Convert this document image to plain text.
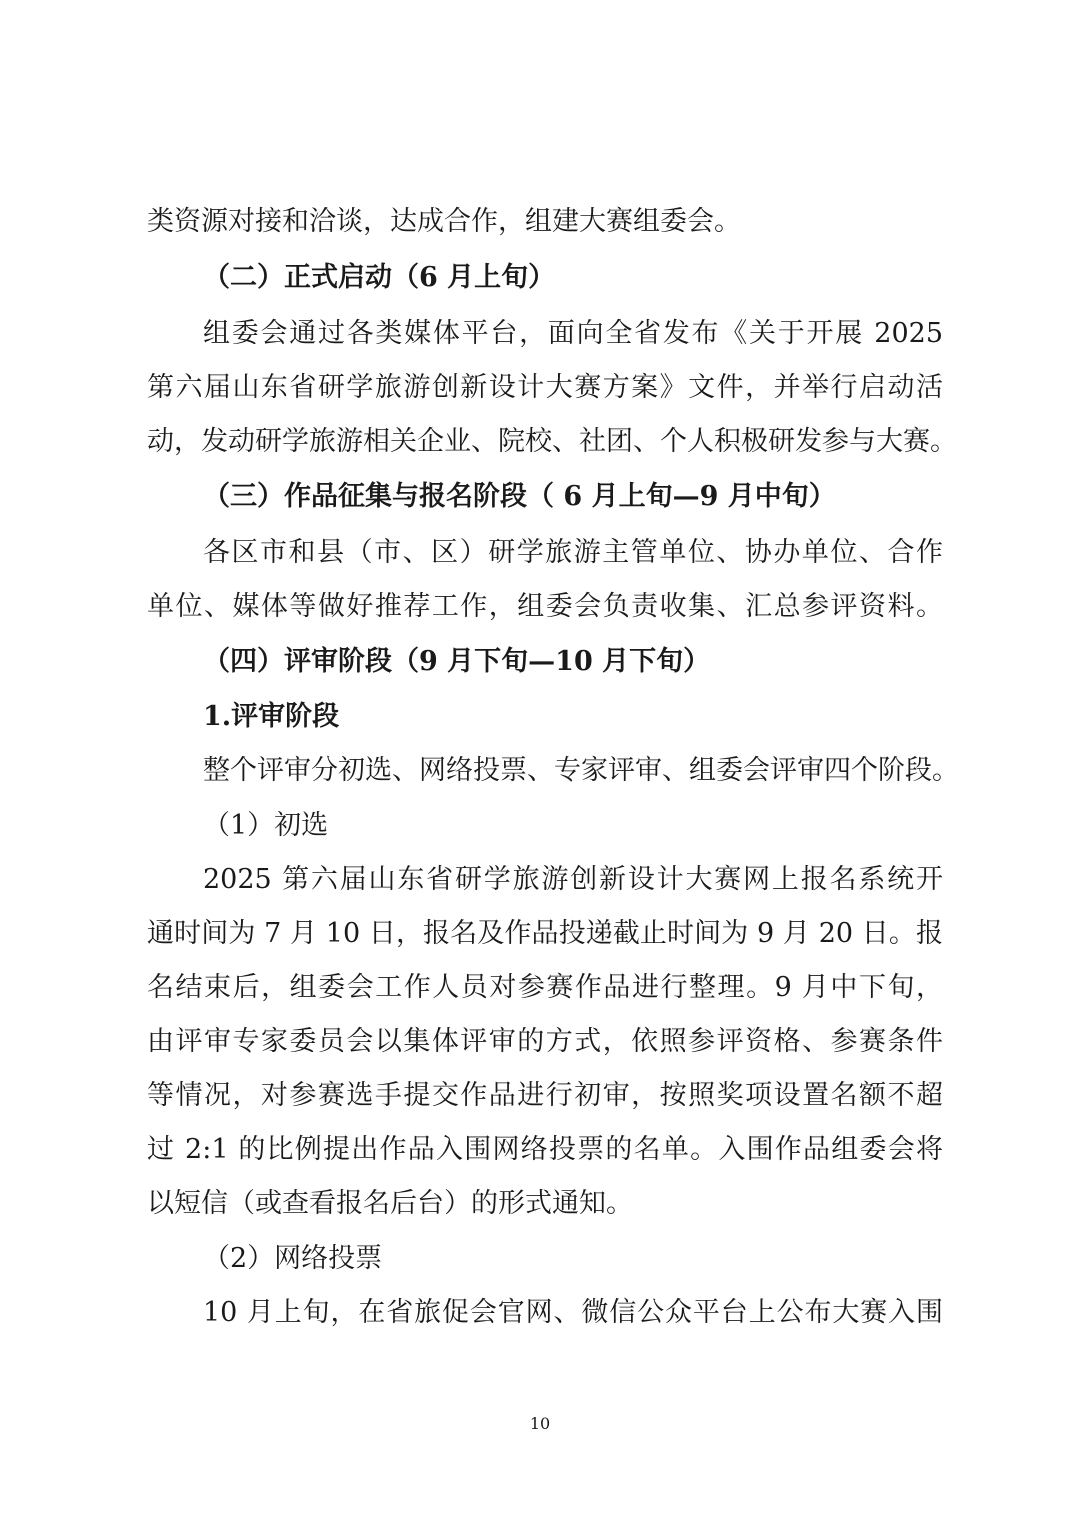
类资源对接和洽谈，达成合作，组建大赛组委会。
（二）正式启动（6 月上旬）
组委会通过各类媒体平台，面向全省发布《关于开展 2025
第六届山东省研学旅游创新设计大赛方案》文件，并举行启动活
动，发动研学旅游相关企业、院校、社团、个人积极研发参与大赛。
（三）作品征集与报名阶段（ 6 月上旬—9 月中旬）
各区市和县（市、区）研学旅游主管单位、协办单位、合作
单位、媒体等做好推荐工作，组委会负责收集、汇总参评资料。
（四）评审阶段（9 月下旬—10 月下旬）
1.评审阶段
整个评审分初选、网络投票、专家评审、组委会评审四个阶段。
（1）初选
2025 第六届山东省研学旅游创新设计大赛网上报名系统开
通时间为 7 月 10 日，报名及作品投递截止时间为 9 月 20 日。报
名结束后，组委会工作人员对参赛作品进行整理。9 月中下旬，
由评审专家委员会以集体评审的方式，依照参评资格、参赛条件
等情况，对参赛选手提交作品进行初审，按照奖项设置名额不超
过 2:1 的比例提出作品入围网络投票的名单。入围作品组委会将
以短信（或查看报名后台）的形式通知。
（2）网络投票
10 月上旬，在省旅促会官网、微信公众平台上公布大赛入围
10
